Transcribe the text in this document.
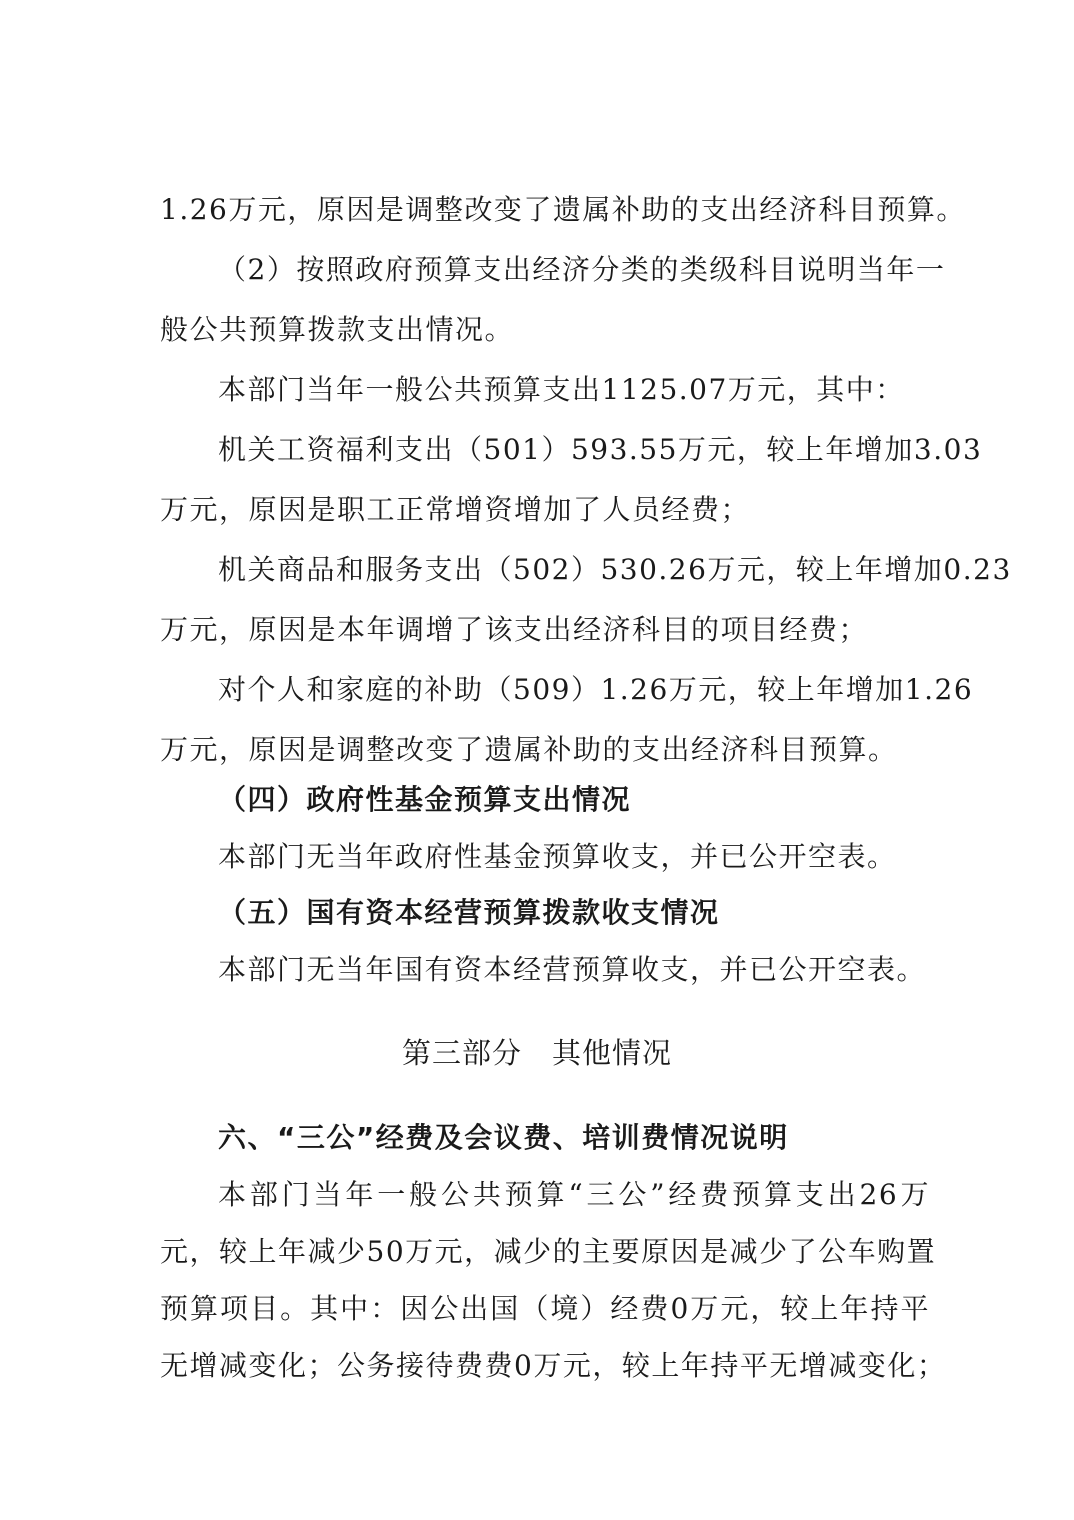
1.26万元，原因是调整改变了遗属补助的支出经济科目预算。
（2）按照政府预算支出经济分类的类级科目说明当年一
般公共预算拨款支出情况。
本部门当年一般公共预算支出1125.07万元，其中：
机关工资福利支出（501）593.55万元，较上年增加3.03
万元，原因是职工正常增资增加了人员经费；
机关商品和服务支出（502）530.26万元，较上年增加0.23
万元，原因是本年调增了该支出经济科目的项目经费；
对个人和家庭的补助（509）1.26万元，较上年增加1.26
万元，原因是调整改变了遗属补助的支出经济科目预算。
（四）政府性基金预算支出情况
本部门无当年政府性基金预算收支，并已公开空表。
（五）国有资本经营预算拨款收支情况
本部门无当年国有资本经营预算收支，并已公开空表。
第三部分　其他情况
六、“三公”经费及会议费、培训费情况说明
本部门当年一般公共预算“三公”经费预算支出26万
元，较上年减少50万元，减少的主要原因是减少了公车购置
预算项目。其中：因公出国（境）经费0万元，较上年持平
无增减变化；公务接待费费0万元，较上年持平无增减变化；
